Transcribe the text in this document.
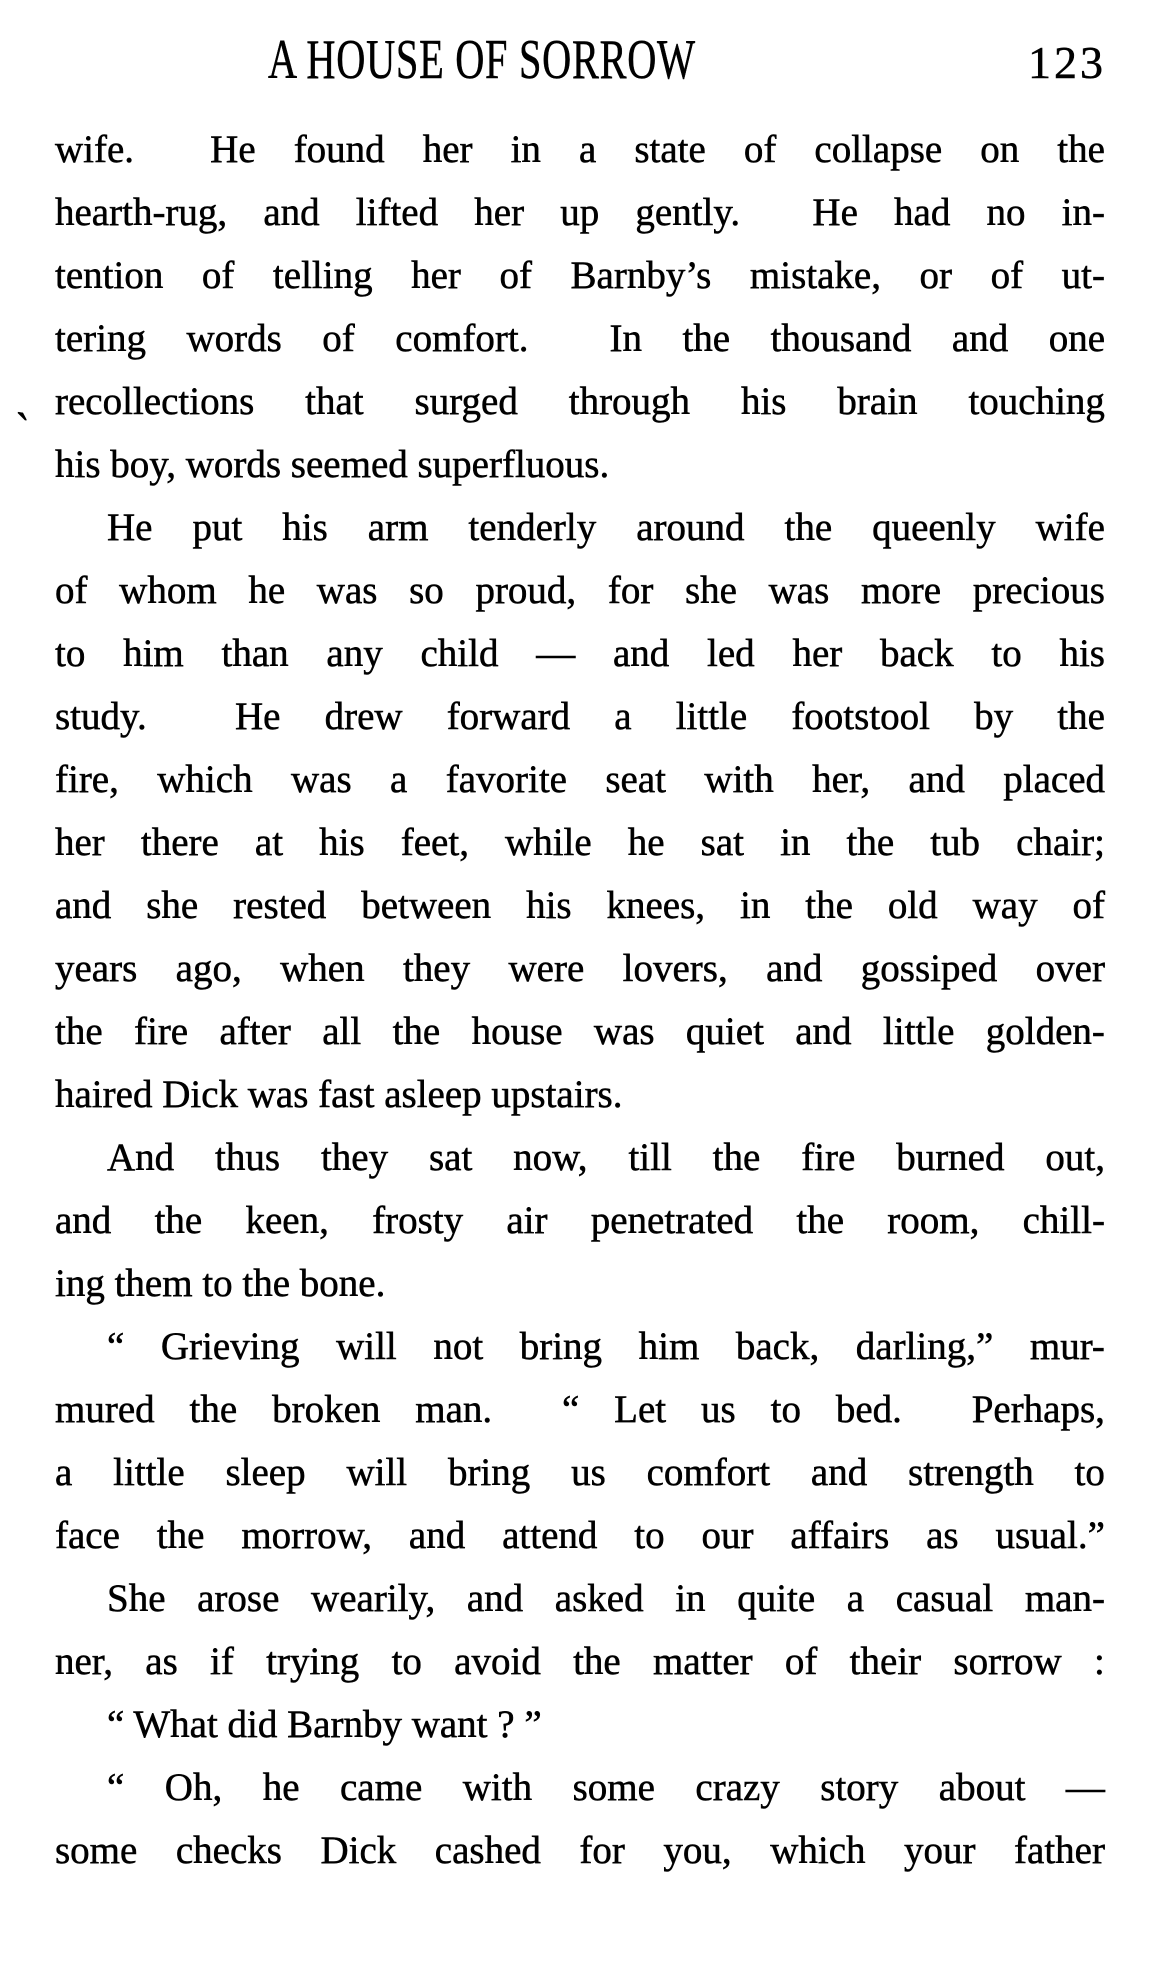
A HOUSE OF SORROW	123
ˎ
wife. He found her in a state of collapse on the
hearth-rug, and lifted her up gently. He had no in-
tention of telling her of Barnby’s mistake, or of ut-
tering words of comfort. In the thousand and one
recollections that surged through his brain touching
his boy, words seemed superfluous.
He put his arm tenderly around the queenly wife
of whom he was so proud, for she was more precious
to him than any child — and led her back to his
study. He drew forward a little footstool by the
fire, which was a favorite seat with her, and placed
her there at his feet, while he sat in the tub chair;
and she rested between his knees, in the old way of
years ago, when they were lovers, and gossiped over
the fire after all the house was quiet and little golden-
haired Dick was fast asleep upstairs.
And thus they sat now, till the fire burned out,
and the keen, frosty air penetrated the room, chill-
ing them to the bone.
“ Grieving will not bring him back, darling,” mur-
mured the broken man. “ Let us to bed. Perhaps,
a little sleep will bring us comfort and strength to
face the morrow, and attend to our affairs as usual.”
She arose wearily, and asked in quite a casual man-
ner, as if trying to avoid the matter of their sorrow :
“ What did Barnby want ? ”
“ Oh, he came with some crazy story about —
some checks Dick cashed for you, which your father
